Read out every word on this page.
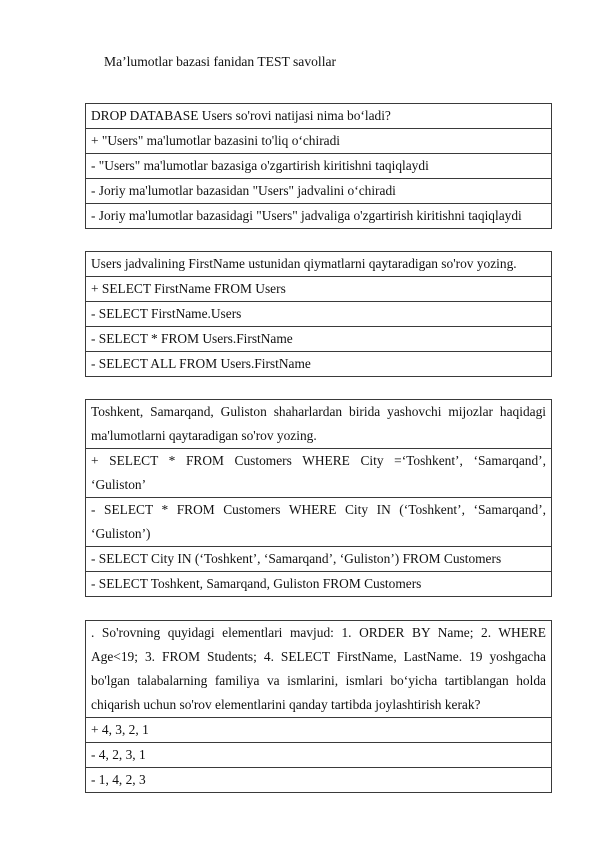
Ma’lumotlar bazasi fanidan TEST savollar
DROP DATABASE Users so'rovi natijasi nima bo‘ladi?
+ "Users" ma'lumotlar bazasini to'liq o‘chiradi
- "Users" ma'lumotlar bazasiga o'zgartirish kiritishni taqiqlaydi
- Joriy ma'lumotlar bazasidan "Users" jadvalini o‘chiradi
- Joriy ma'lumotlar bazasidagi "Users" jadvaliga o'zgartirish kiritishni taqiqlaydi
Users jadvalining FirstName ustunidan qiymatlarni qaytaradigan so'rov yozing.
+ SELECT FirstName FROM Users
- SELECT FirstName.Users
- SELECT * FROM Users.FirstName
- SELECT ALL FROM Users.FirstName
Toshkent, Samarqand, Guliston shaharlardan birida yashovchi mijozlar haqidagi ma'lumotlarni qaytaradigan so'rov yozing.
+ SELECT * FROM Customers WHERE City =‘Toshkent’, ‘Samarqand’, ‘Guliston’
- SELECT * FROM Customers WHERE City IN (‘Toshkent’, ‘Samarqand’, ‘Guliston’)
- SELECT City IN (‘Toshkent’, ‘Samarqand’, ‘Guliston’) FROM Customers
- SELECT Toshkent, Samarqand, Guliston FROM Customers
. So'rovning quyidagi elementlari mavjud: 1. ORDER BY Name; 2. WHERE Age<19; 3. FROM Students; 4. SELECT FirstName, LastName. 19 yoshgacha bo'lgan talabalarning familiya va ismlarini, ismlari bo‘yicha tartiblangan holda chiqarish uchun so'rov elementlarini qanday tartibda joylashtirish kerak?
+ 4, 3, 2, 1
- 4, 2, 3, 1
- 1, 4, 2, 3
